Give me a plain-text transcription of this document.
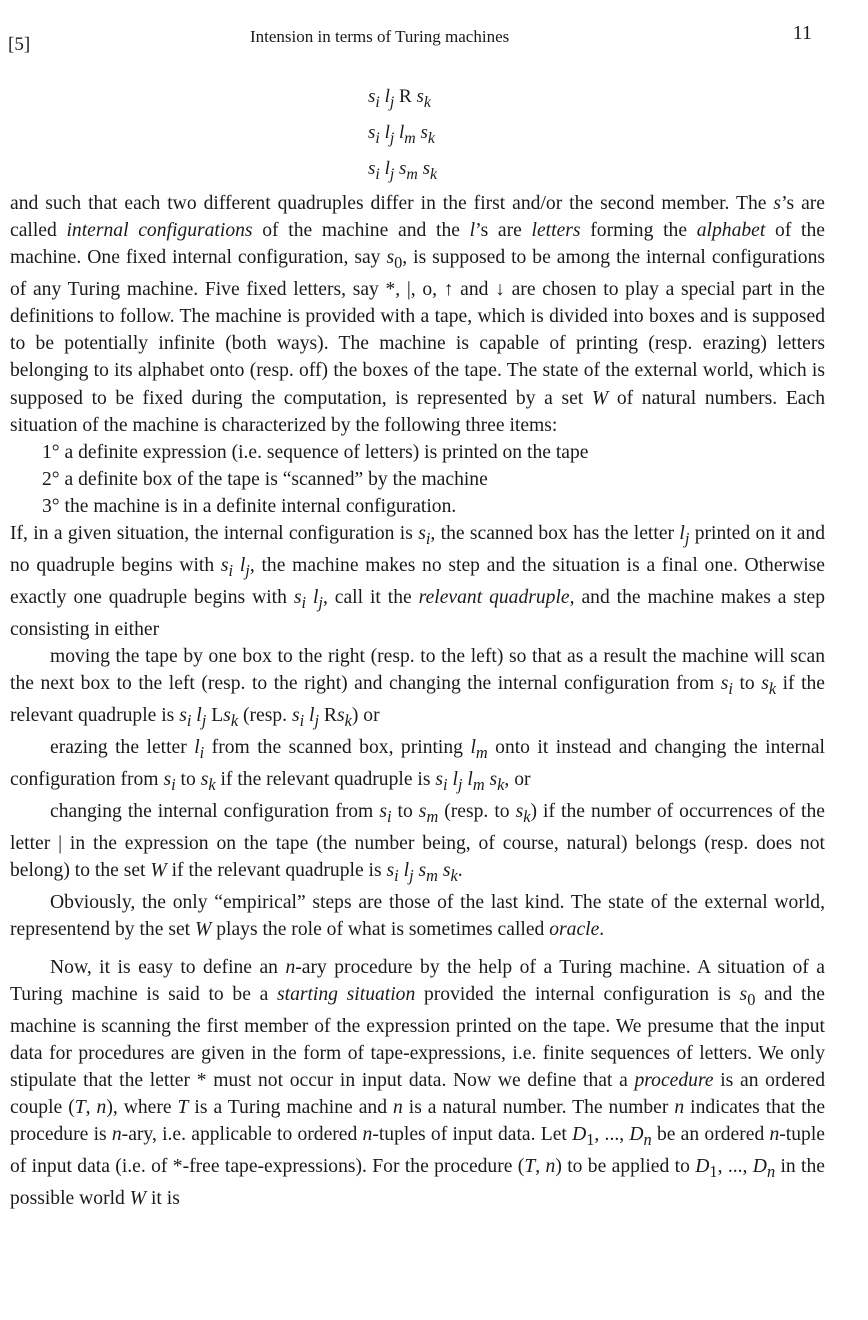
[5]	Intension in terms of Turing machines	11
$s_i$ $l_j$ R $s_k$
$s_i$ $l_j$ $l_m$ $s_k$
$s_i$ $l_j$ $s_m$ $s_k$

and such that each two different quadruples differ in the first and/or the second member. The s’s are called internal configurations of the machine and the l’s are letters forming the alphabet of the machine. One fixed internal configuration, say $s_0$, is supposed to be among the internal configurations of any Turing machine. Five fixed letters, say *, |, o, ↑ and ↓ are chosen to play a special part in the definitions to follow. The machine is provided with a tape, which is divided into boxes and is supposed to be potentially infinite (both ways). The machine is capable of printing (resp. erazing) letters belonging to its alphabet onto (resp. off) the boxes of the tape. The state of the external world, which is supposed to be fixed during the computation, is represented by a set W of natural numbers. Each situation of the machine is characterized by the following three items:

1° a definite expression (i.e. sequence of letters) is printed on the tape

2° a definite box of the tape is “scanned” by the machine

3° the machine is in a definite internal configuration.

If, in a given situation, the internal configuration is $s_i$, the scanned box has the letter $l_j$ printed on it and no quadruple begins with $s_i$ $l_j$, the machine makes no step and the situation is a final one. Otherwise exactly one quadruple begins with $s_i$ $l_j$, call it the relevant quadruple, and the machine makes a step consisting in either

moving the tape by one box to the right (resp. to the left) so that as a result the machine will scan the next box to the left (resp. to the right) and changing the internal configuration from $s_i$ to $s_k$ if the relevant quadruple is $s_i$ $l_j$ $Ls_k$ (resp. $s_i$ $l_j$ $Rs_k$) or

erazing the letter $l_i$ from the scanned box, printing $l_m$ onto it instead and changing the internal configuration from $s_i$ to $s_k$ if the relevant quadruple is $s_i$ $l_j$ $l_m$ $s_k$, or

changing the internal configuration from $s_i$ to $s_m$ (resp. to $s_k$) if the number of occurrences of the letter | in the expression on the tape (the number being, of course, natural) belongs (resp. does not belong) to the set W if the relevant quadruple is $s_i$ $l_j$ $s_m$ $s_k$.

Obviously, the only “empirical” steps are those of the last kind. The state of the external world, representend by the set W plays the role of what is sometimes called oracle.

Now, it is easy to define an n-ary procedure by the help of a Turing machine. A situation of a Turing machine is said to be a starting situation provided the internal configuration is $s_0$ and the machine is scanning the first member of the expression printed on the tape. We presume that the input data for procedures are given in the form of tape-expressions, i.e. finite sequences of letters. We only stipulate that the letter * must not occur in input data. Now we define that a procedure is an ordered couple (T, n), where T is a Turing machine and n is a natural number. The number n indicates that the procedure is n-ary, i.e. applicable to ordered n-tuples of input data. Let $D_1$, ..., $D_n$ be an ordered n-tuple of input data (i.e. of *-free tape-expressions). For the procedure (T, n) to be applied to $D_1$, ..., $D_n$ in the possible world W it is
